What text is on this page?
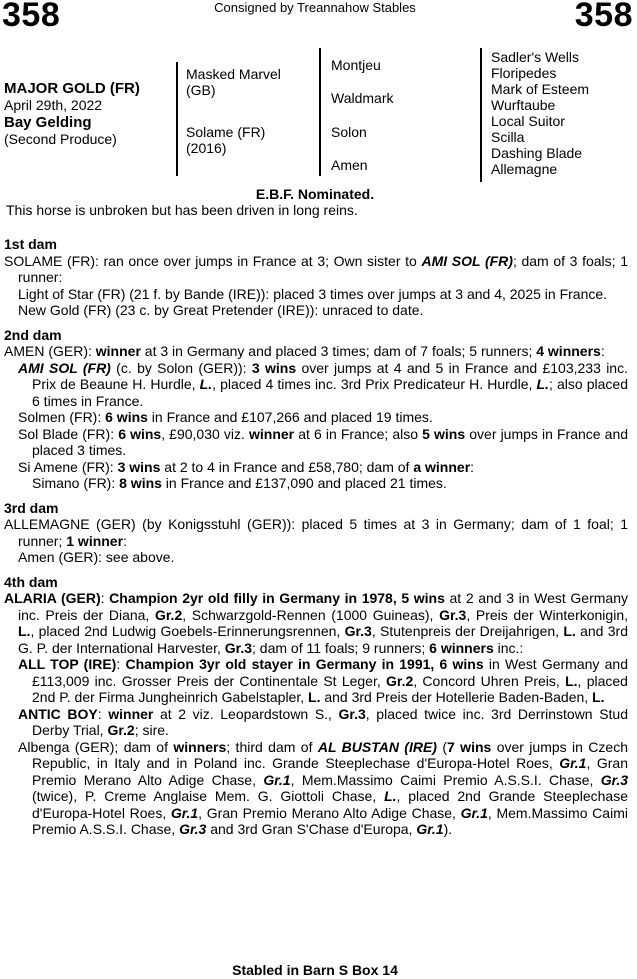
358	Consigned by Treannahow Stables	358
MAJOR GOLD (FR)
April 29th, 2022
Bay Gelding
(Second Produce)
Masked Marvel
(GB)
Solame (FR)
(2016)
Montjeu
Waldmark
Solon
Amen
Sadler's Wells
Floripedes
Mark of Esteem
Wurftaube
Local Suitor
Scilla
Dashing Blade
Allemagne
E.B.F. Nominated.
This horse is unbroken but has been driven in long reins.
1st dam

SOLAME (FR): ran once over jumps in France at 3; Own sister to AMI SOL (FR); dam of 3 foals; 1 runner:

Light of Star (FR) (21 f. by Bande (IRE)): placed 3 times over jumps at 3 and 4, 2025 in France.

New Gold (FR) (23 c. by Great Pretender (IRE)): unraced to date.

2nd dam

AMEN (GER): winner at 3 in Germany and placed 3 times; dam of 7 foals; 5 runners; 4 winners:

AMI SOL (FR) (c. by Solon (GER)): 3 wins over jumps at 4 and 5 in France and £103,233 inc. Prix de Beaune H. Hurdle, L., placed 4 times inc. 3rd Prix Predicateur H. Hurdle, L.; also placed 6 times in France.

Solmen (FR): 6 wins in France and £107,266 and placed 19 times.

Sol Blade (FR): 6 wins, £90,030 viz. winner at 6 in France; also 5 wins over jumps in France and placed 3 times.

Si Amene (FR): 3 wins at 2 to 4 in France and £58,780; dam of a winner:

Simano (FR): 8 wins in France and £137,090 and placed 21 times.

3rd dam

ALLEMAGNE (GER) (by Konigsstuhl (GER)): placed 5 times at 3 in Germany; dam of 1 foal; 1 runner; 1 winner:

Amen (GER): see above.

4th dam

ALARIA (GER): Champion 2yr old filly in Germany in 1978, 5 wins at 2 and 3 in West Germany inc. Preis der Diana, Gr.2, Schwarzgold-Rennen (1000 Guineas), Gr.3, Preis der Winterkonigin, L., placed 2nd Ludwig Goebels-Erinnerungsrennen, Gr.3, Stutenpreis der Dreijahrigen, L. and 3rd G. P. der International Harvester, Gr.3; dam of 11 foals; 9 runners; 6 winners inc.:

ALL TOP (IRE): Champion 3yr old stayer in Germany in 1991, 6 wins in West Germany and £113,009 inc. Grosser Preis der Continentale St Leger, Gr.2, Concord Uhren Preis, L., placed 2nd P. der Firma Jungheinrich Gabelstapler, L. and 3rd Preis der Hotellerie Baden-Baden, L.

ANTIC BOY: winner at 2 viz. Leopardstown S., Gr.3, placed twice inc. 3rd Derrinstown Stud Derby Trial, Gr.2; sire.

Albenga (GER); dam of winners; third dam of AL BUSTAN (IRE) (7 wins over jumps in Czech Republic, in Italy and in Poland inc. Grande Steeplechase d'Europa-Hotel Roes, Gr.1, Gran Premio Merano Alto Adige Chase, Gr.1, Mem.Massimo Caimi Premio A.S.S.I. Chase, Gr.3 (twice), P. Creme Anglaise Mem. G. Giottoli Chase, L., placed 2nd Grande Steeplechase d'Europa-Hotel Roes, Gr.1, Gran Premio Merano Alto Adige Chase, Gr.1, Mem.Massimo Caimi Premio A.S.S.I. Chase, Gr.3 and 3rd Gran S'Chase d'Europa, Gr.1).

Stabled in Barn S Box 14
